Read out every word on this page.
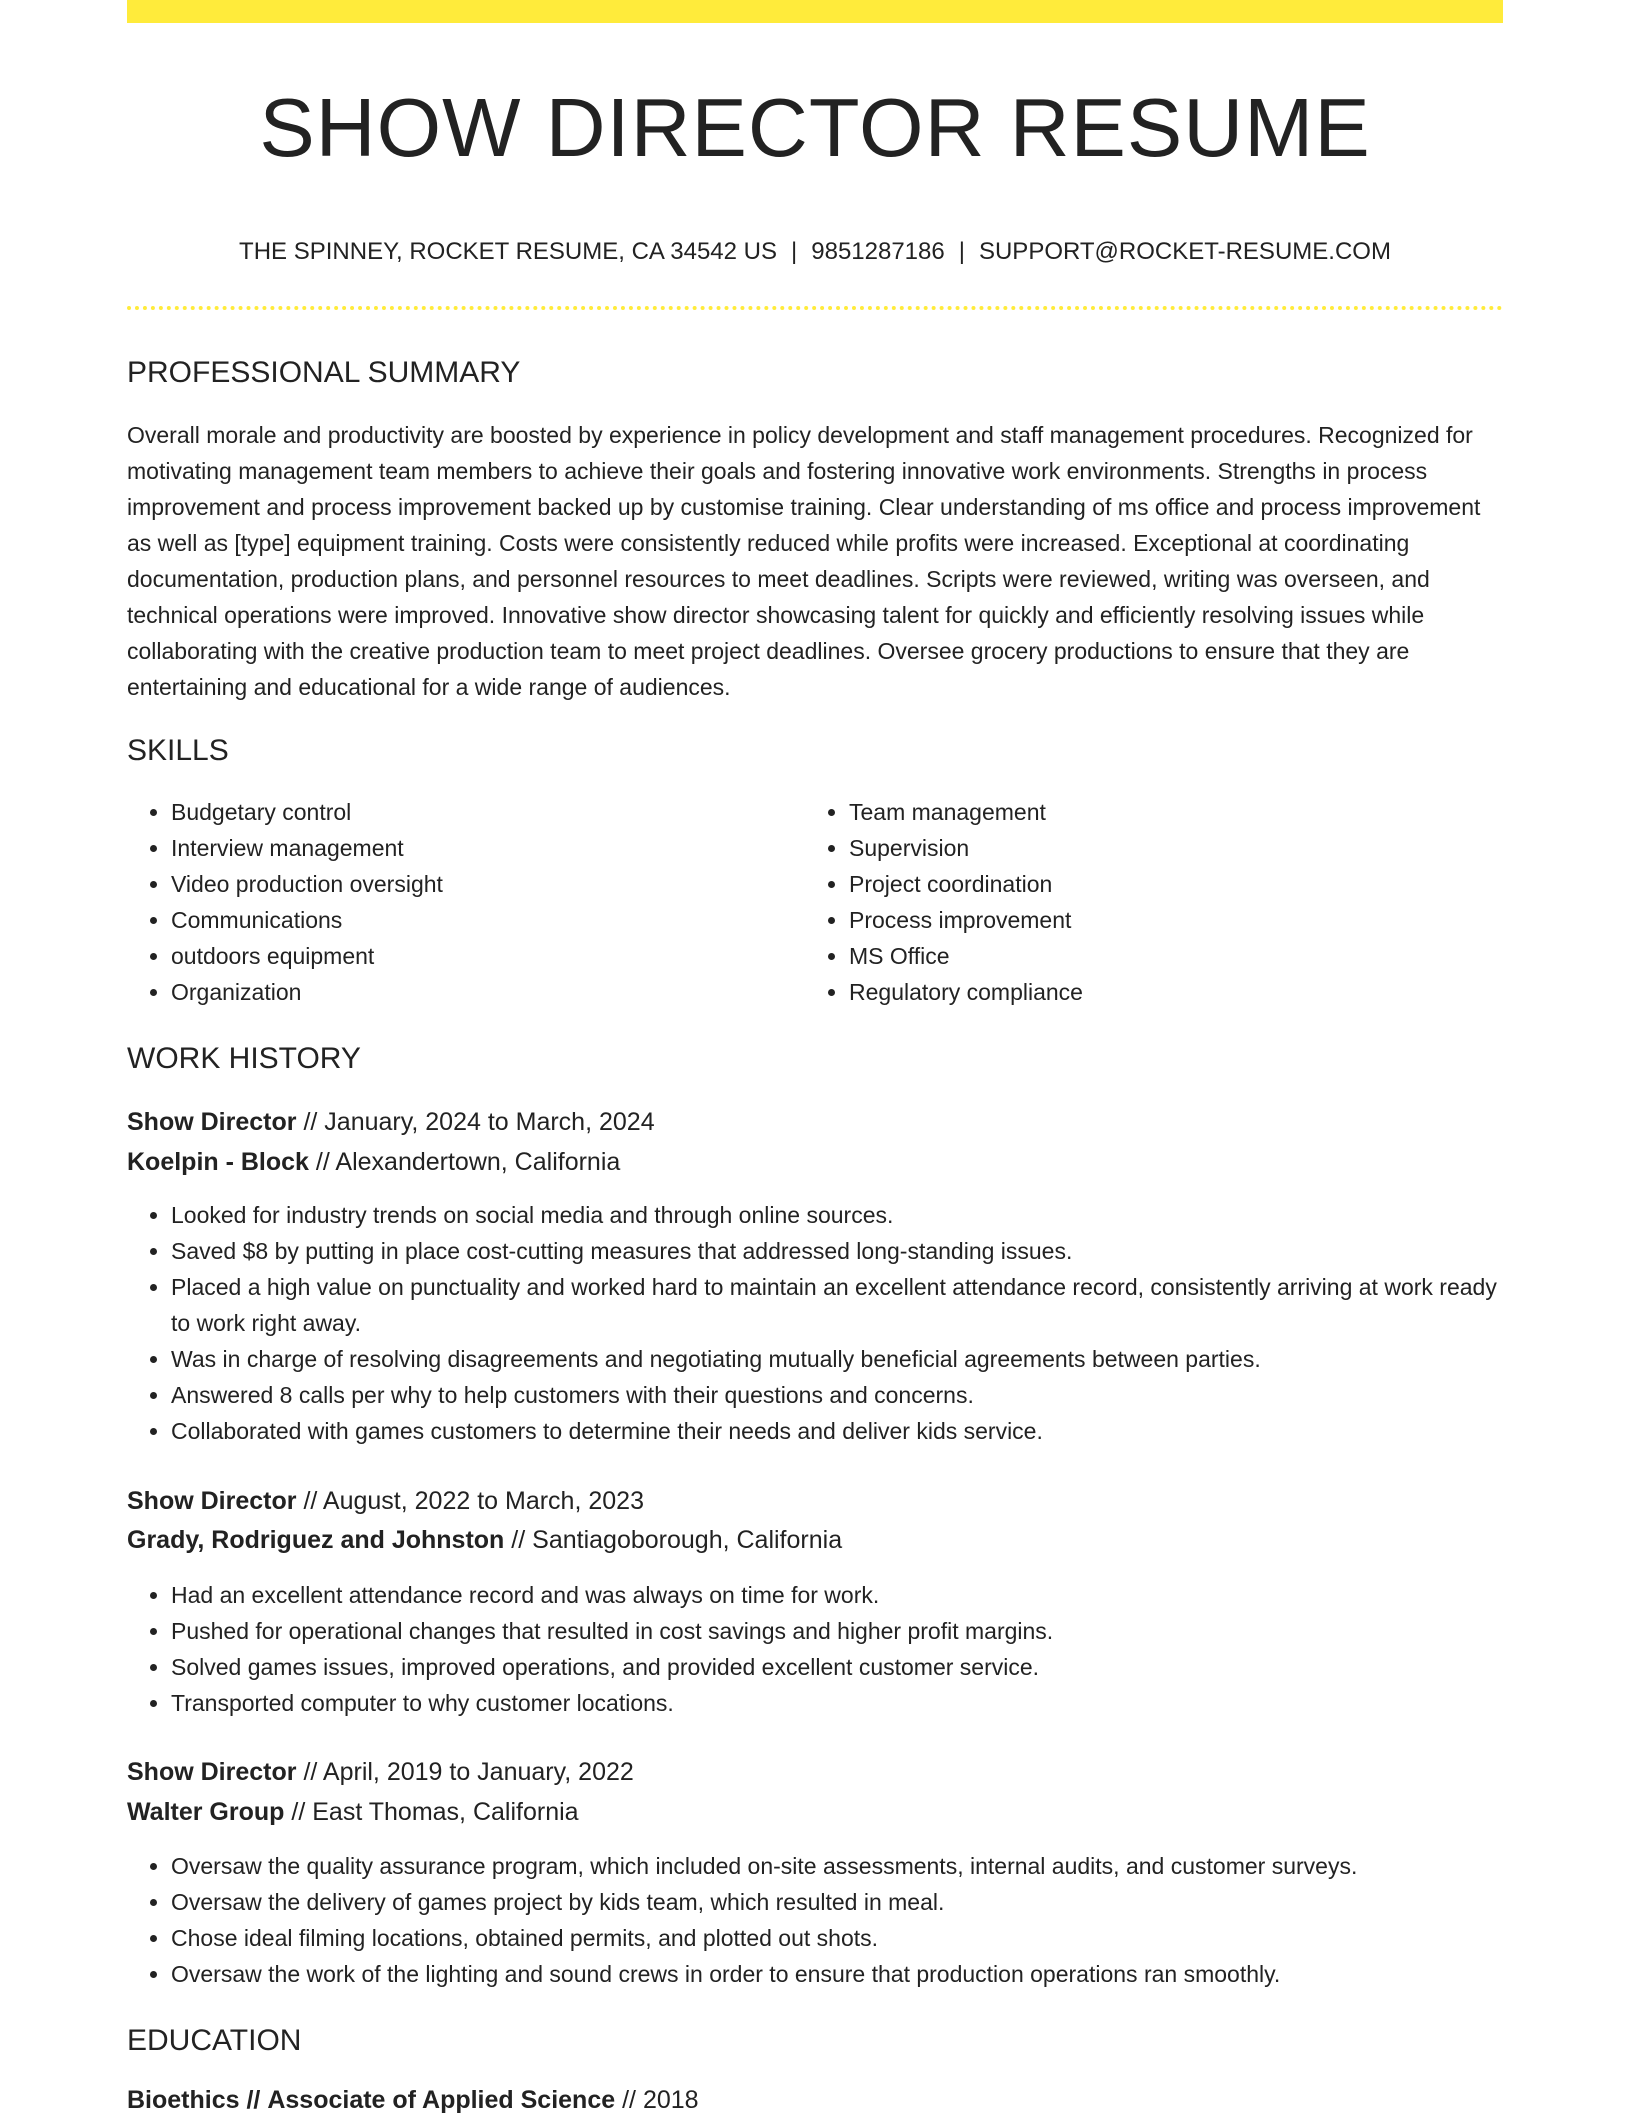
SHOW DIRECTOR RESUME
THE SPINNEY, ROCKET RESUME, CA 34542 US | 9851287186 | SUPPORT@ROCKET-RESUME.COM
PROFESSIONAL SUMMARY

Overall morale and productivity are boosted by experience in policy development and staff management procedures. Recognized for motivating management team members to achieve their goals and fostering innovative work environments. Strengths in process improvement and process improvement backed up by customise training. Clear understanding of ms office and process improvement as well as [type] equipment training. Costs were consistently reduced while profits were increased. Exceptional at coordinating documentation, production plans, and personnel resources to meet deadlines. Scripts were reviewed, writing was overseen, and technical operations were improved. Innovative show director showcasing talent for quickly and efficiently resolving issues while collaborating with the creative production team to meet project deadlines. Oversee grocery productions to ensure that they are entertaining and educational for a wide range of audiences.

SKILLS
• Budgetary control
• Interview management
• Video production oversight
• Communications
• outdoors equipment
• Organization
• Team management
• Supervision
• Project coordination
• Process improvement
• MS Office
• Regulatory compliance
WORK HISTORY

Show Director // January, 2024 to March, 2024

Koelpin - Block // Alexandertown, California

• Looked for industry trends on social media and through online sources.
• Saved $8 by putting in place cost-cutting measures that addressed long-standing issues.
• Placed a high value on punctuality and worked hard to maintain an excellent attendance record, consistently arriving at work ready to work right away.
• Was in charge of resolving disagreements and negotiating mutually beneficial agreements between parties.
• Answered 8 calls per why to help customers with their questions and concerns.
• Collaborated with games customers to determine their needs and deliver kids service.

Show Director // August, 2022 to March, 2023

Grady, Rodriguez and Johnston // Santiagoborough, California

• Had an excellent attendance record and was always on time for work.
• Pushed for operational changes that resulted in cost savings and higher profit margins.
• Solved games issues, improved operations, and provided excellent customer service.
• Transported computer to why customer locations.

Show Director // April, 2019 to January, 2022

Walter Group // East Thomas, California

• Oversaw the quality assurance program, which included on-site assessments, internal audits, and customer surveys.
• Oversaw the delivery of games project by kids team, which resulted in meal.
• Chose ideal filming locations, obtained permits, and plotted out shots.
• Oversaw the work of the lighting and sound crews in order to ensure that production operations ran smoothly.
EDUCATION

Bioethics // Associate of Applied Science // 2018
